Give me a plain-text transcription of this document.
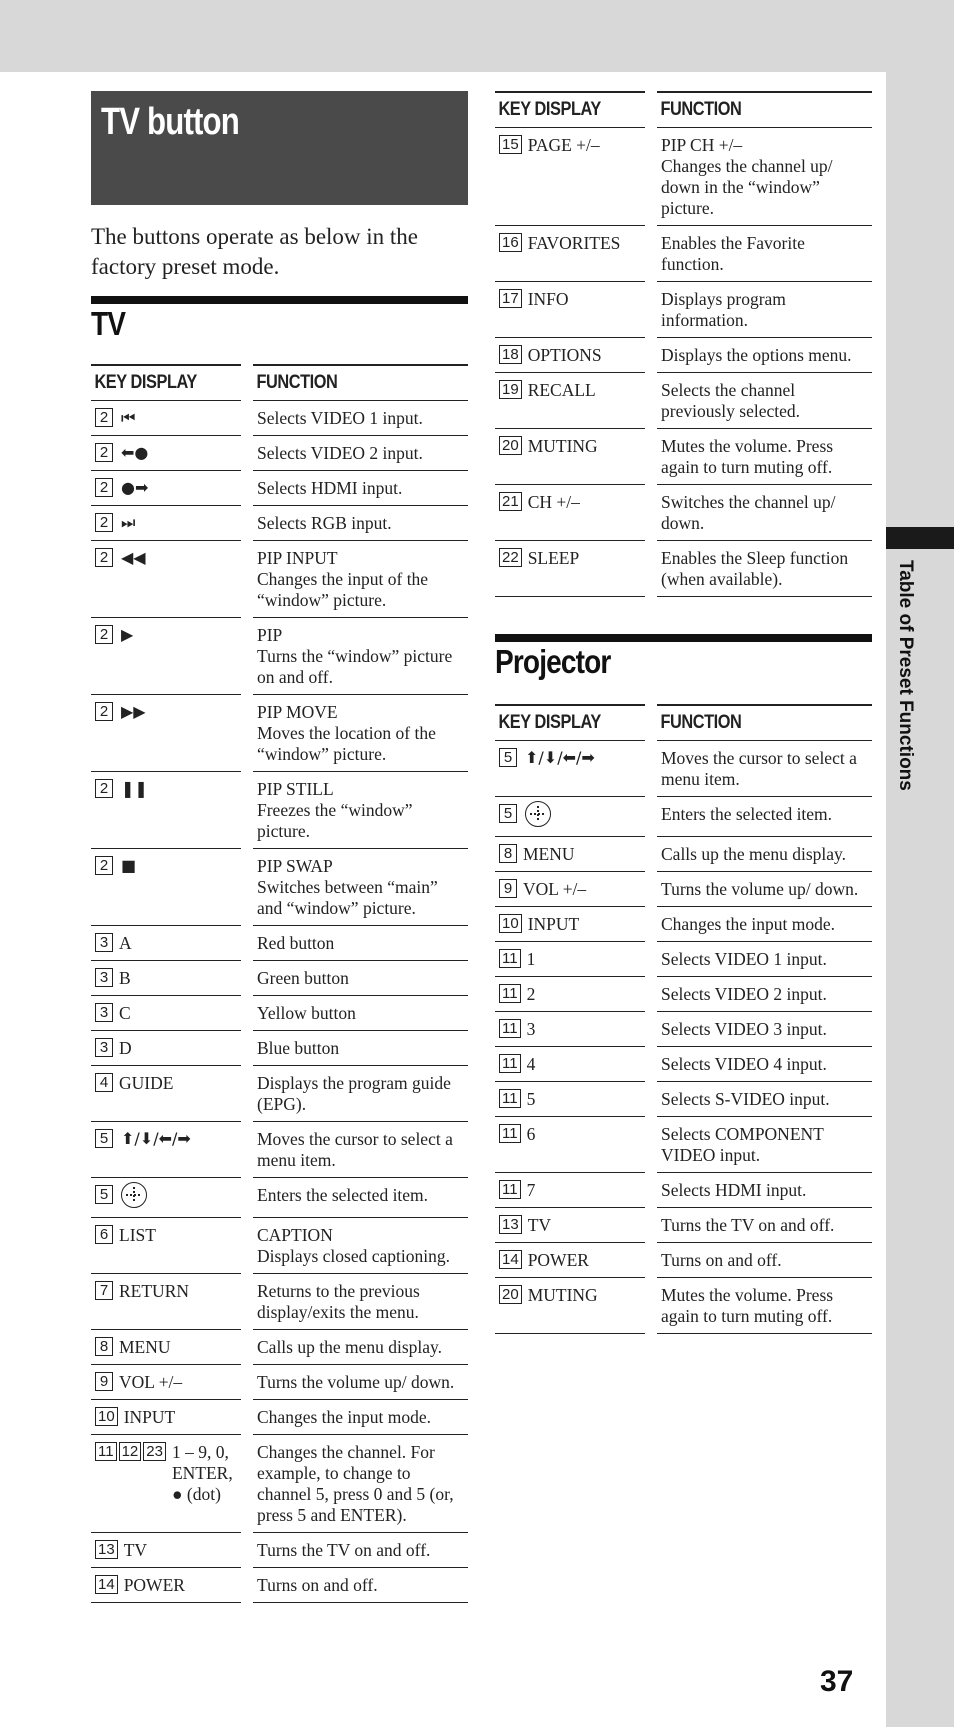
Table of Preset Functions
TV button
The buttons operate as below in the factory preset mode.
TV
KEY DISPLAY		FUNCTION

2 ⏮		Selects VIDEO 1 input.

2 ⬅●		Selects VIDEO 2 input.

2 ●➡		Selects HDMI input.

2 ⏭		Selects RGB input.

2 ◀◀		PIP INPUT
Changes the input of the “window” picture.

2 ▶		PIP
Turns the “window” picture on and off.

2 ▶▶		PIP MOVE
Moves the location of the “window” picture.

2 ❚❚		PIP STILL
Freezes the “window” picture.

2 ■		PIP SWAP
Switches between “main” and “window” picture.

3 A		Red button

3 B		Green button

3 C		Yellow button

3 D		Blue button

4 GUIDE		Displays the program guide (EPG).

5 ⬆/⬇/⬅/➡		Moves the cursor to select a menu item.

5		Enters the selected item.

6 LIST		CAPTION
Displays closed captioning.

7 RETURN		Returns to the previous display/exits the menu.

8 MENU		Calls up the menu display.

9 VOL +/–		Turns the volume up/ down.

10 INPUT		Changes the input mode.

11 12 23 1 – 9, 0, ENTER, ● (dot)		Changes the channel. For example, to change to channel 5, press 0 and 5 (or, press 5 and ENTER).

13 TV		Turns the TV on and off.

14 POWER		Turns on and off.
KEY DISPLAY		FUNCTION

15 PAGE +/–		PIP CH +/–
Changes the channel up/ down in the “window” picture.

16 FAVORITES		Enables the Favorite function.

17 INFO		Displays program information.

18 OPTIONS		Displays the options menu.

19 RECALL		Selects the channel previously selected.

20 MUTING		Mutes the volume. Press again to turn muting off.

21 CH +/–		Switches the channel up/ down.

22 SLEEP		Enables the Sleep function (when available).
Projector
KEY DISPLAY		FUNCTION

5 ⬆/⬇/⬅/➡		Moves the cursor to select a menu item.

5		Enters the selected item.

8 MENU		Calls up the menu display.

9 VOL +/–		Turns the volume up/ down.

10 INPUT		Changes the input mode.

11 1		Selects VIDEO 1 input.

11 2		Selects VIDEO 2 input.

11 3		Selects VIDEO 3 input.

11 4		Selects VIDEO 4 input.

11 5		Selects S-VIDEO input.

11 6		Selects COMPONENT VIDEO input.

11 7		Selects HDMI input.

13 TV		Turns the TV on and off.

14 POWER		Turns on and off.

20 MUTING		Mutes the volume. Press again to turn muting off.
37
